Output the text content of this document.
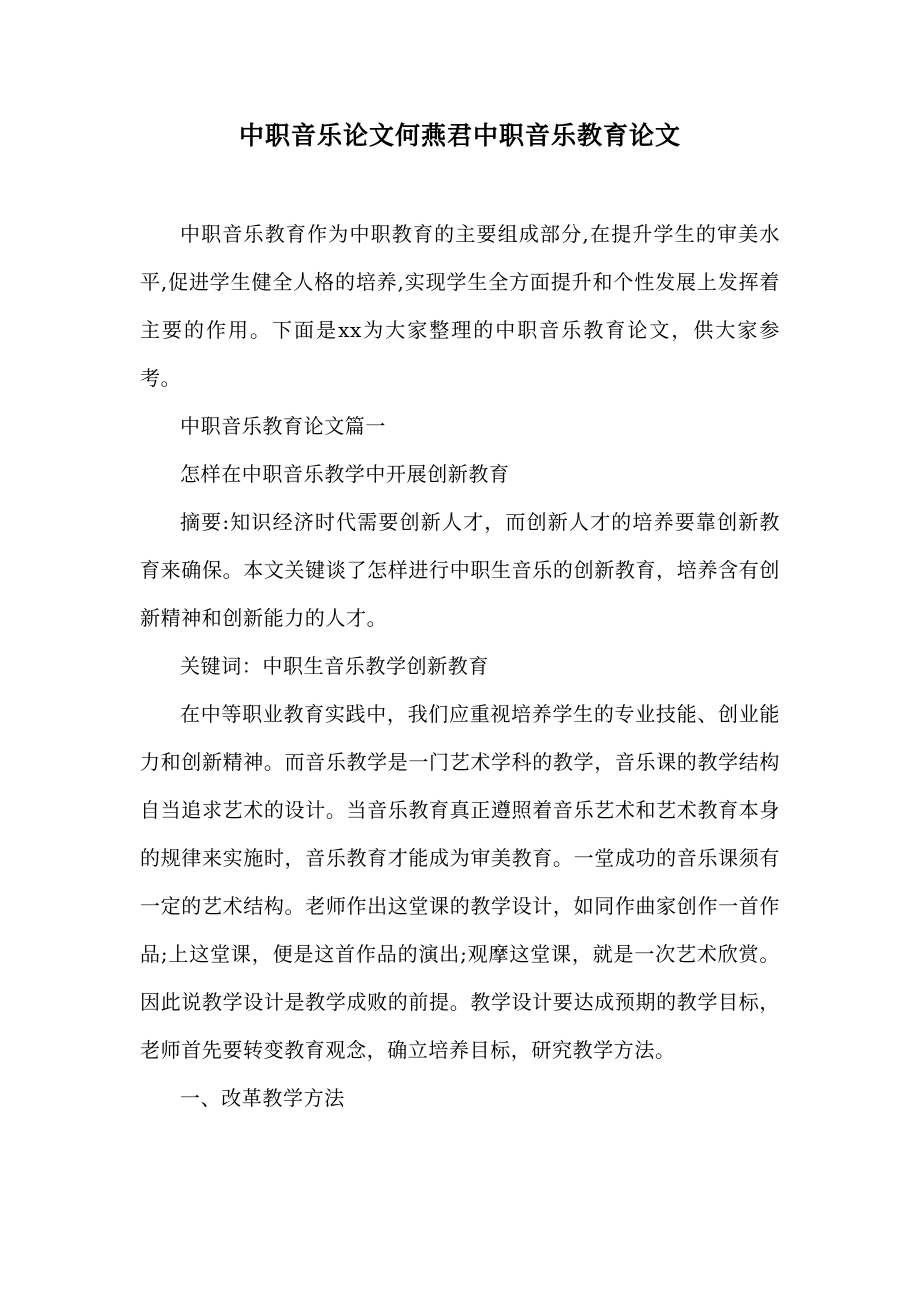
中职音乐论文何燕君中职音乐教育论文

中职音乐教育作为中职教育的主要组成部分,在提升学生的审美水平,促进学生健全人格的培养,实现学生全方面提升和个性发展上发挥着主要的作用。下面是xx为大家整理的中职音乐教育论文，供大家参考。

中职音乐教育论文篇一

怎样在中职音乐教学中开展创新教育

摘要:知识经济时代需要创新人才，而创新人才的培养要靠创新教育来确保。本文关键谈了怎样进行中职生音乐的创新教育，培养含有创新精神和创新能力的人才。

关键词：中职生音乐教学创新教育

在中等职业教育实践中，我们应重视培养学生的专业技能、创业能力和创新精神。而音乐教学是一门艺术学科的教学，音乐课的教学结构自当追求艺术的设计。当音乐教育真正遵照着音乐艺术和艺术教育本身的规律来实施时，音乐教育才能成为审美教育。一堂成功的音乐课须有一定的艺术结构。老师作出这堂课的教学设计，如同作曲家创作一首作品;上这堂课，便是这首作品的演出;观摩这堂课，就是一次艺术欣赏。因此说教学设计是教学成败的前提。教学设计要达成预期的教学目标，老师首先要转变教育观念，确立培养目标，研究教学方法。

一、改革教学方法
